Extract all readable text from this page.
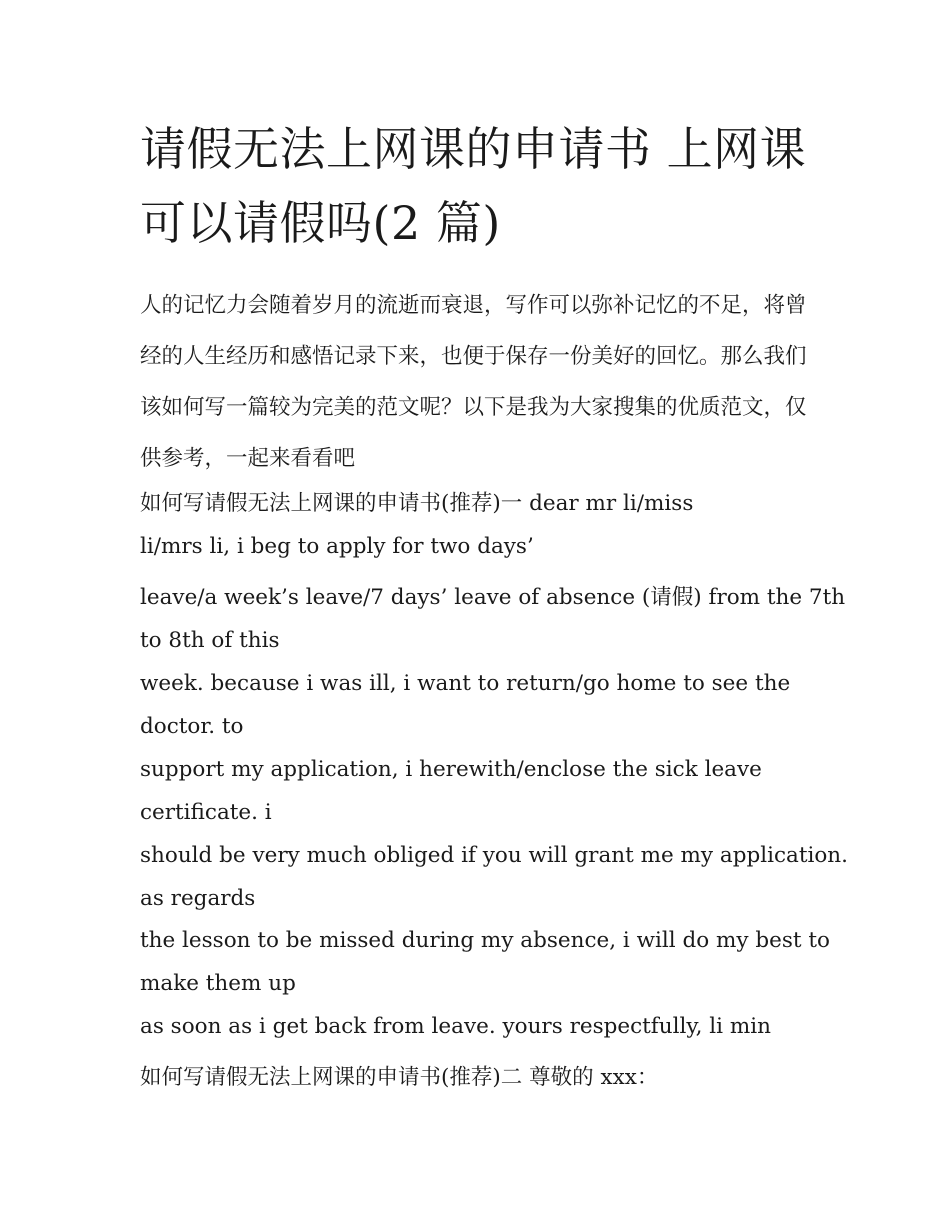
请假无法上网课的申请书 上网课可以请假吗(2 篇)

人的记忆力会随着岁月的流逝而衰退，写作可以弥补记忆的不足，将曾经的人生经历和感悟记录下来，也便于保存一份美好的回忆。那么我们该如何写一篇较为完美的范文呢？以下是我为大家搜集的优质范文，仅供参考，一起来看看吧

如何写请假无法上网课的申请书(推荐)一 dear mr li/miss

li/mrs li, i beg to apply for two days’

leave/a week’s leave/7 days’ leave of absence (请假) from the 7th

to 8th of this

week. because i was ill, i want to return/go home to see the

doctor. to

support my application, i herewith/enclose the sick leave

certificate. i

should be very much obliged if you will grant me my application.

as regards

the lesson to be missed during my absence, i will do my best to

make them up

as soon as i get back from leave. yours respectfully, li min

如何写请假无法上网课的申请书(推荐)二 尊敬的 xxx：
